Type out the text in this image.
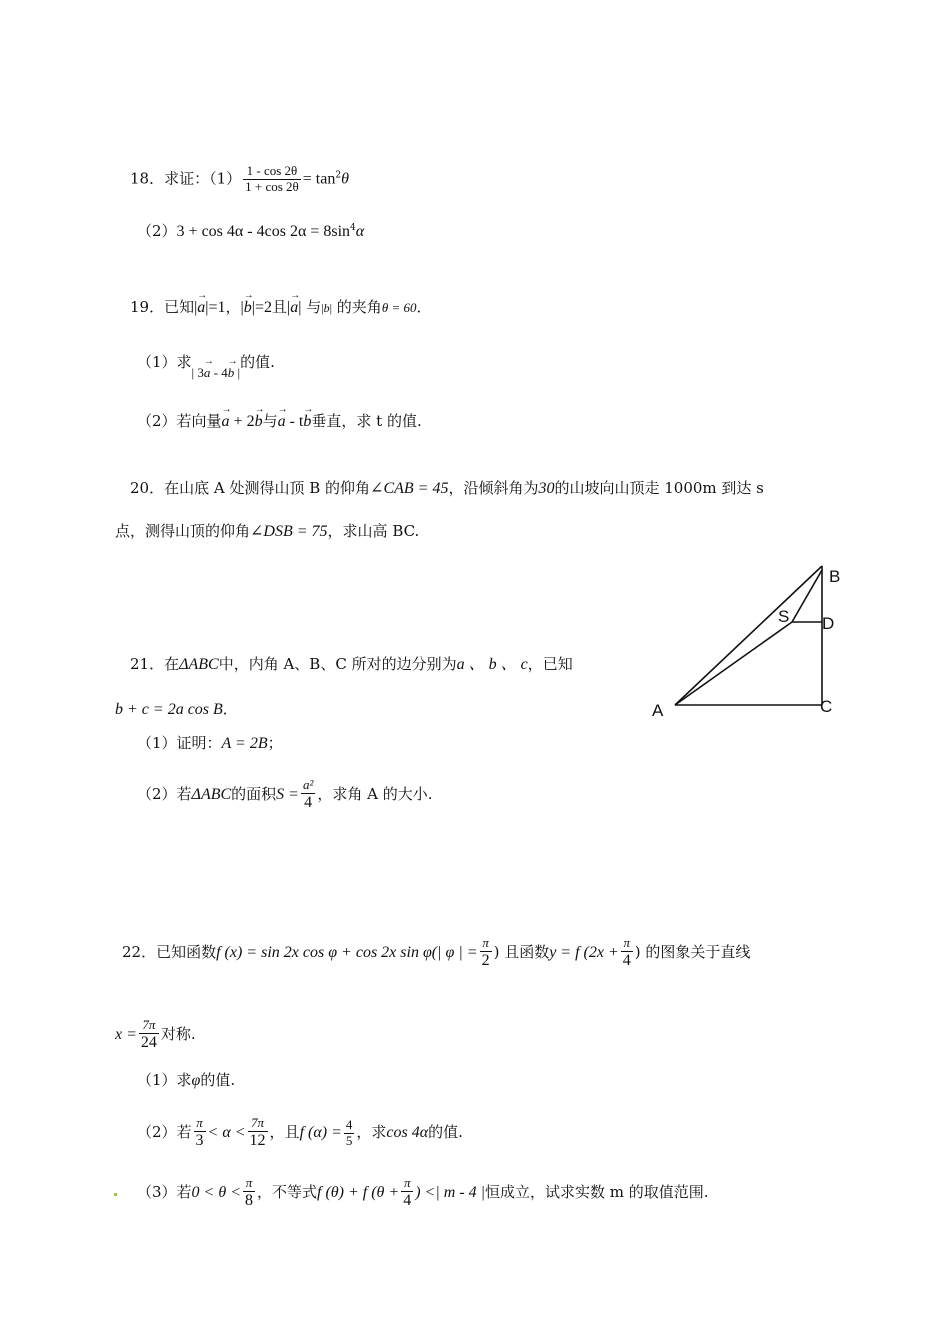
18．求证：$(1) \frac{1 - \cos 2\theta}{1 + \cos 2\theta} = \tan^2\theta$
（2）3 + cos 4α - 4cos $2\alpha = 8\sin^4\alpha$
19．已知|→ a|=1，|→ b|=2且|→ a| 与|b| 的夹角θ = 60．
（1）求| 3→ a - 4→ b |的值.
（2）若向量→ a + 2→ b与→ a - t→ b垂直，求 t 的值.
20．在山底 A 处测得山顶 B 的仰角∠CAB = 45，沿倾斜角为30的山坡向山顶走 1000m 到达 s
点，测得山顶的仰角∠DSB = 75，求山高 BC.
21．在ΔABC中，内角 A、B、C 所对的边分别为a 、 b 、 c，已知
b + c = 2a cos B．
（1）证明：A = 2B；
（2）若ΔABC的面积$S = \frac{\text{a²}}{4}$ ，求角 A 的大小.
A
B
C
D
S
22．已知函数f (x) = sin 2x cos φ + cos 2x sin φ(| φ | = $\frac{\pi}{2}$ ) 且函数y = f ($2x + \frac{\pi}{4}$ ) 的图象关于直线
$x = \frac{7\pi}{24}$ 对称.
（1）求φ的值.
（2）若 $\frac{\pi}{3} < \alpha < \frac{7\pi}{12}$ ，且f $(\alpha) = \frac{4}{5}$ ，求cos 4α的值.
（3）若$0 < \theta < \frac{\pi}{8}$ ，不等式f (θ) + f ($\theta + \frac{\pi}{4}$ ) <| m - 4 |恒成立，试求实数 m 的取值范围.
